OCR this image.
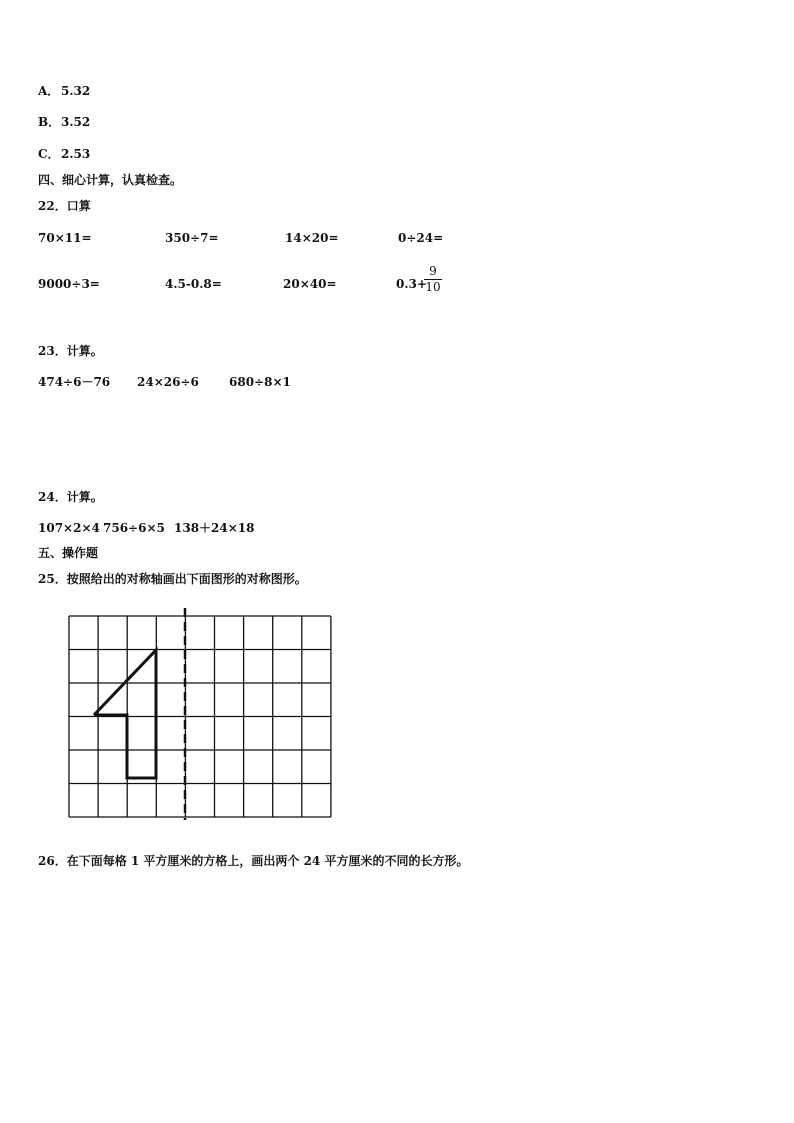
A． 5.32
B． 3.52
C． 2.53
四、细心计算，认真检查。
22．口算
70×11=	350÷7=	14×20=	0÷24=
9000÷3=	4.5-0.8=	20×40=	0.3+
9
10
23．计算。
474÷6－76 24×26÷6	680÷8×1
24．计算。
107×2×4 756÷6×5 138＋24×18
五、操作题
25．按照给出的对称轴画出下面图形的对称图形。
26．在下面每格 1 平方厘米的方格上，画出两个 24 平方厘米的不同的长方形。
